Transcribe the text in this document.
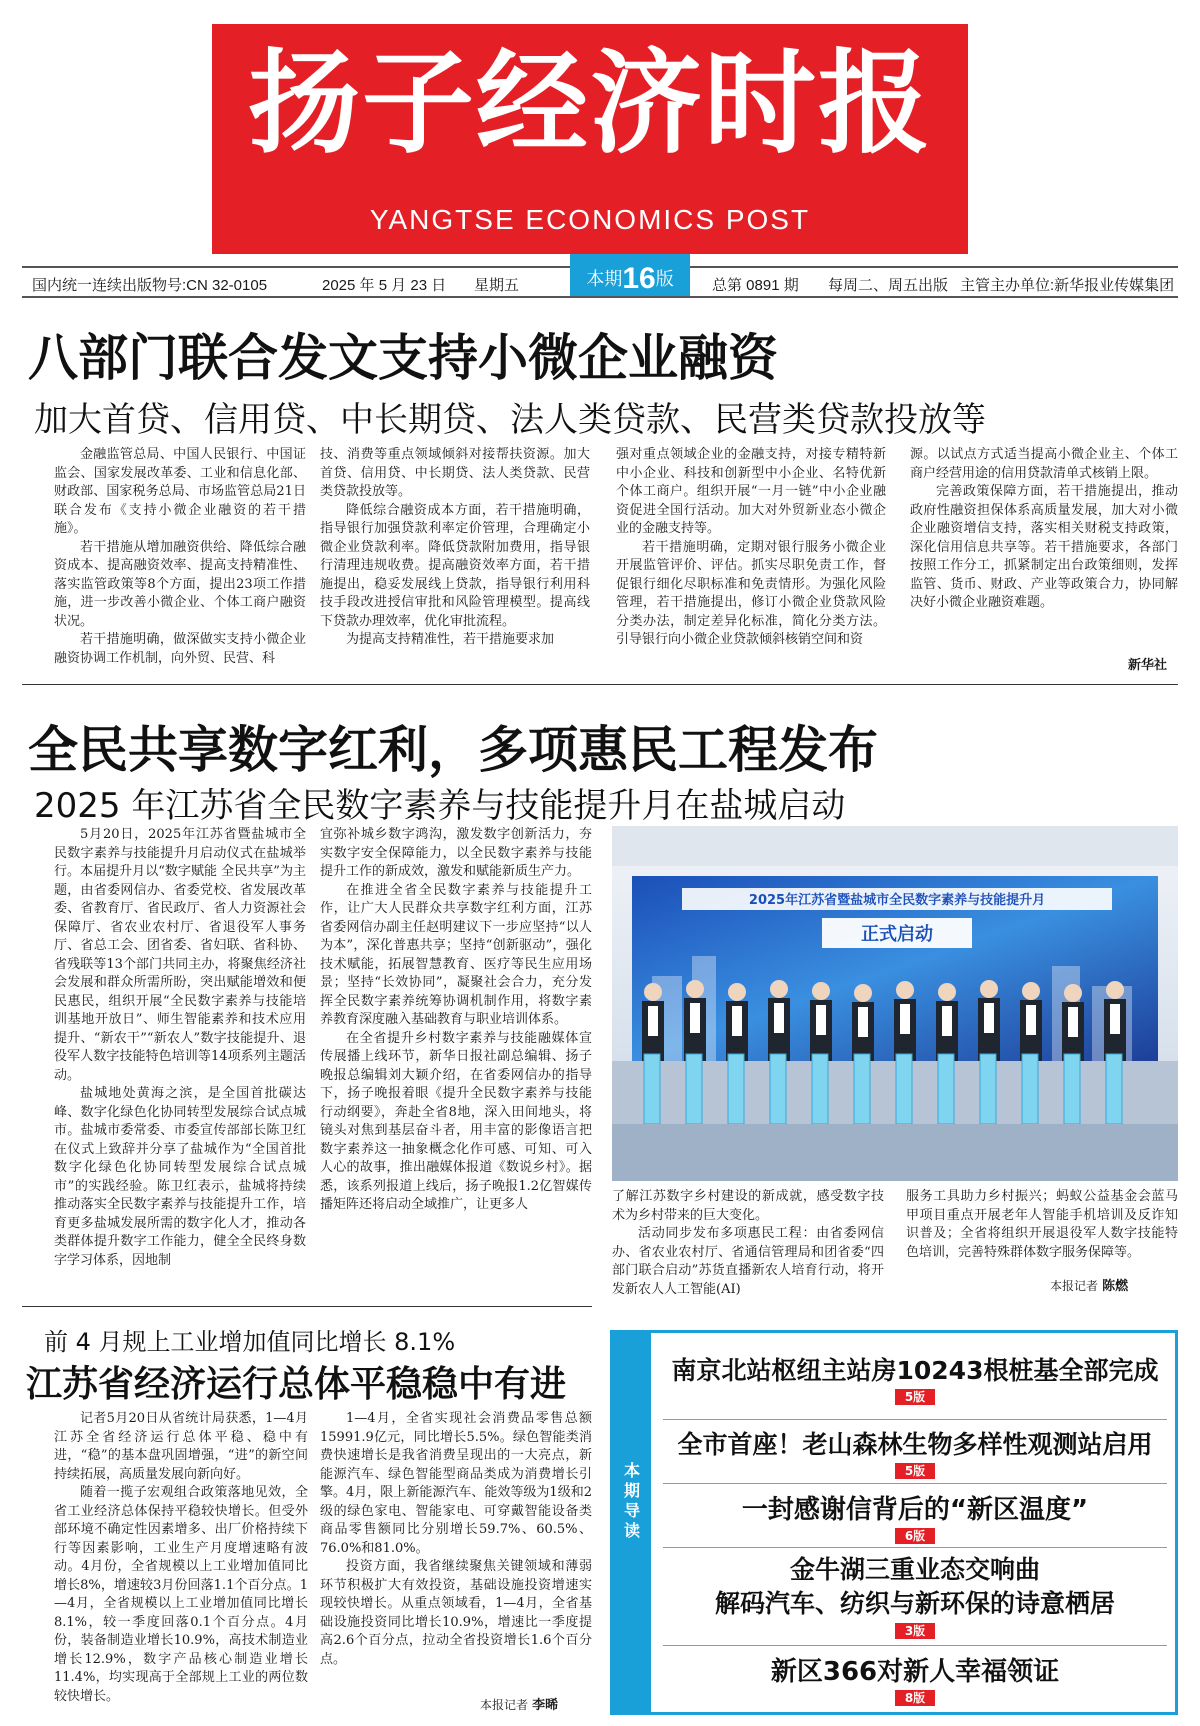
扬子经济时报
YANGTSE ECONOMICS POST
国内统一连续出版物号:CN 32-0105	2025 年 5 月 23 日 星期五	本期16版	总第 0891 期 每周二、周五出版 主管主办单位:新华报业传媒集团
八部门联合发文支持小微企业融资
加大首贷、信用贷、中长期贷、法人类贷款、民营类贷款投放等

金融监管总局、中国人民银行、中国证监会、国家发展改革委、工业和信息化部、财政部、国家税务总局、市场监管总局21日联合发布《支持小微企业融资的若干措施》。

若干措施从增加融资供给、降低综合融资成本、提高融资效率、提高支持精准性、落实监管政策等8个方面，提出23项工作措施，进一步改善小微企业、个体工商户融资状况。

若干措施明确，做深做实支持小微企业融资协调工作机制，向外贸、民营、科

技、消费等重点领域倾斜对接帮扶资源。加大首贷、信用贷、中长期贷、法人类贷款、民营类贷款投放等。

降低综合融资成本方面，若干措施明确，指导银行加强贷款利率定价管理，合理确定小微企业贷款利率。降低贷款附加费用，指导银行清理违规收费。提高融资效率方面，若干措施提出，稳妥发展线上贷款，指导银行利用科技手段改进授信审批和风险管理模型。提高线下贷款办理效率，优化审批流程。

为提高支持精准性，若干措施要求加

强对重点领域企业的金融支持，对接专精特新中小企业、科技和创新型中小企业、名特优新个体工商户。组织开展“一月一链”中小企业融资促进全国行活动。加大对外贸新业态小微企业的金融支持等。

若干措施明确，定期对银行服务小微企业开展监管评价、评估。抓实尽职免责工作，督促银行细化尽职标准和免责情形。为强化风险管理，若干措施提出，修订小微企业贷款风险分类办法，制定差异化标准，简化分类方法。引导银行向小微企业贷款倾斜核销空间和资

源。以试点方式适当提高小微企业主、个体工商户经营用途的信用贷款清单式核销上限。

完善政策保障方面，若干措施提出，推动政府性融资担保体系高质量发展，加大对小微企业融资增信支持，落实相关财税支持政策，深化信用信息共享等。若干措施要求，各部门按照工作分工，抓紧制定出台政策细则，发挥监管、货币、财政、产业等政策合力，协同解决好小微企业融资难题。

新华社
全民共享数字红利，多项惠民工程发布
2025 年江苏省全民数字素养与技能提升月在盐城启动

5月20日，2025年江苏省暨盐城市全民数字素养与技能提升月启动仪式在盐城举行。本届提升月以“数字赋能 全民共享”为主题，由省委网信办、省委党校、省发展改革委、省教育厅、省民政厅、省人力资源社会保障厅、省农业农村厅、省退役军人事务厅、省总工会、团省委、省妇联、省科协、省残联等13个部门共同主办，将聚焦经济社会发展和群众所需所盼，突出赋能增效和便民惠民，组织开展“全民数字素养与技能培训基地开放日”、师生智能素养和技术应用提升、“新农干”“新农人”数字技能提升、退役军人数字技能特色培训等14项系列主题活动。

盐城地处黄海之滨，是全国首批碳达峰、数字化绿色化协同转型发展综合试点城市。盐城市委常委、市委宣传部部长陈卫红在仪式上致辞并分享了盐城作为“全国首批数字化绿色化协同转型发展综合试点城市”的实践经验。陈卫红表示，盐城将持续推动落实全民数字素养与技能提升工作，培育更多盐城发展所需的数字化人才，推动各类群体提升数字工作能力，健全全民终身数字学习体系，因地制

宜弥补城乡数字鸿沟，激发数字创新活力，夯实数字安全保障能力，以全民数字素养与技能提升工作的新成效，激发和赋能新质生产力。

在推进全省全民数字素养与技能提升工作，让广大人民群众共享数字红利方面，江苏省委网信办副主任赵明建议下一步应坚持“以人为本”，深化普惠共享；坚持“创新驱动”，强化技术赋能，拓展智慧教育、医疗等民生应用场景；坚持“长效协同”，凝聚社会合力，充分发挥全民数字素养统筹协调机制作用，将数字素养教育深度融入基础教育与职业培训体系。

在全省提升乡村数字素养与技能融媒体宣传展播上线环节，新华日报社副总编辑、扬子晚报总编辑刘大颖介绍，在省委网信办的指导下，扬子晚报着眼《提升全民数字素养与技能行动纲要》，奔赴全省8地，深入田间地头，将镜头对焦到基层奋斗者，用丰富的影像语言把数字素养这一抽象概念化作可感、可知、可入人心的故事，推出融媒体报道《数说乡村》。据悉，该系列报道上线后，扬子晚报1.2亿智媒传播矩阵还将启动全域推广，让更多人

2025年江苏省暨盐城市全民数字素养与技能提升月
正式启动

了解江苏数字乡村建设的新成就，感受数字技术为乡村带来的巨大变化。

活动同步发布多项惠民工程：由省委网信办、省农业农村厅、省通信管理局和团省委“四部门联合启动”苏货直播新农人培育行动，将开发新农人人工智能(AI)

服务工具助力乡村振兴；蚂蚁公益基金会蓝马甲项目重点开展老年人智能手机培训及反诈知识普及；全省将组织开展退役军人数字技能特色培训，完善特殊群体数字服务保障等。

本报记者 陈燃
前 4 月规上工业增加值同比增长 8.1%
江苏省经济运行总体平稳稳中有进

记者5月20日从省统计局获悉，1—4月江苏全省经济运行总体平稳、稳中有进，“稳”的基本盘巩固增强，“进”的新空间持续拓展，高质量发展向新向好。

随着一揽子宏观组合政策落地见效，全省工业经济总体保持平稳较快增长。但受外部环境不确定性因素增多、出厂价格持续下行等因素影响，工业生产月度增速略有波动。4月份，全省规模以上工业增加值同比增长8%，增速较3月份回落1.1个百分点。1—4月，全省规模以上工业增加值同比增长8.1%，较一季度回落0.1个百分点。4月份，装备制造业增长10.9%，高技术制造业增长12.9%，数字产品核心制造业增长11.4%，均实现高于全部规上工业的两位数较快增长。

1—4月，全省实现社会消费品零售总额15991.9亿元，同比增长5.5%。绿色智能类消费快速增长是我省消费呈现出的一大亮点，新能源汽车、绿色智能型商品类成为消费增长引擎。4月，限上新能源汽车、能效等级为1级和2级的绿色家电、智能家电、可穿戴智能设备类商品零售额同比分别增长59.7%、60.5%、76.0%和81.0%。

投资方面，我省继续聚焦关键领域和薄弱环节积极扩大有效投资，基础设施投资增速实现较快增长。从重点领域看，1—4月，全省基础设施投资同比增长10.9%，增速比一季度提高2.6个百分点，拉动全省投资增长1.6个百分点。

本报记者 李晞
本
期
导
读
南京北站枢纽主站房10243根桩基全部完成
5版
全市首座！老山森林生物多样性观测站启用
5版
一封感谢信背后的“新区温度”
6版
金牛湖三重业态交响曲
解码汽车、纺织与新环保的诗意栖居
3版
新区366对新人幸福领证
8版
